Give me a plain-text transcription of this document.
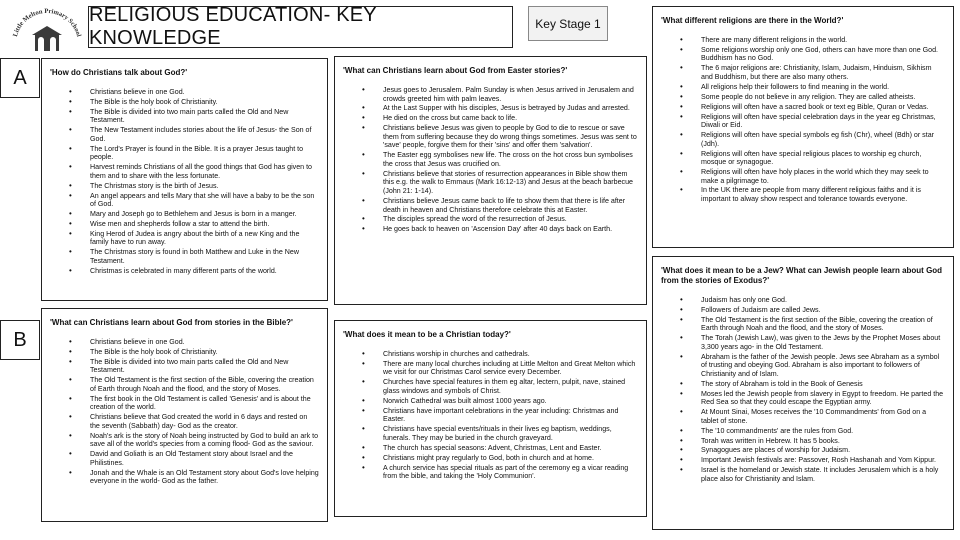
Little Melton Primary School
RELIGIOUS EDUCATION- KEY KNOWLEDGE
Key Stage 1
A
B
'How do Christians talk about God?'
• Christians believe in one God.
• The Bible is the holy book of Christianity.
• The Bible is divided into two main parts called the Old and New Testament.
• The New Testament includes stories about the life of Jesus- the Son of God.
• The Lord's Prayer is found in the Bible. It is a prayer Jesus taught to people.
• Harvest reminds Christians of all the good things that God has given to them and to share with the less fortunate.
• The Christmas story is the birth of Jesus.
• An angel appears and tells Mary that she will have a baby to be the son of God.
• Mary and Joseph go to Bethlehem and Jesus is born in a manger.
• Wise men and shepherds follow a star to attend the birth.
• King Herod of Judea is angry about the birth of a new King and the family have to run away.
• The Christmas story is found in both Matthew and Luke in the New Testament.
• Christmas is celebrated in many different parts of the world.
'What can Christians learn about God from stories in the Bible?'
• Christians believe in one God.
• The Bible is the holy book of Christianity.
• The Bible is divided into two main parts called the Old and New Testament.
• The Old Testament is the first section of the Bible, covering the creation of Earth through Noah and the flood, and the story of Moses.
• The first book in the Old Testament is called 'Genesis' and is about the creation of the world.
• Christians believe that God created the world in 6 days and rested on the seventh (Sabbath) day- God as the creator.
• Noah's ark is the story of Noah being instructed by God to build an ark to save all of the world's species from a coming flood- God as the saviour.
• David and Goliath is an Old Testament story about Israel and the Philistines.
• Jonah and the Whale is an Old Testament story about God's love helping everyone in the world- God as the father.
'What can Christians learn about God from Easter stories?'
• Jesus goes to Jerusalem. Palm Sunday is when Jesus arrived in Jerusalem and crowds greeted him with palm leaves.
• At the Last Supper with his disciples, Jesus is betrayed by Judas and arrested.
• He died on the cross but came back to life.
• Christians believe Jesus was given to people by God to die to rescue or save them from suffering because they do wrong things sometimes. Jesus was sent to 'save' people, forgive them for their 'sins' and offer them 'salvation'.
• The Easter egg symbolises new life. The cross on the hot cross bun symbolises the cross that Jesus was crucified on.
• Christians believe that stories of resurrection appearances in Bible show them this e.g. the walk to Emmaus (Mark 16:12-13) and Jesus at the beach barbecue (John 21: 1-14).
• Christians believe Jesus came back to life to show them that there is life after death in heaven and Christians therefore celebrate this at Easter.
• The disciples spread the word of the resurrection of Jesus.
• He goes back to heaven on 'Ascension Day' after 40 days back on Earth.
'What does it mean to be a Christian today?'
• Christians worship in churches and cathedrals.
• There are many local churches including at Little Melton and Great Melton which we visit for our Christmas Carol service every December.
• Churches have special features in them eg altar, lectern, pulpit, nave, stained glass windows and symbols of Christ.
• Norwich Cathedral was built almost 1000 years ago.
• Christians have important celebrations in the year including: Christmas and Easter.
• Christians have special events/rituals in their lives eg baptism, weddings, funerals. They may be buried in the church graveyard.
• The church has special seasons: Advent, Christmas, Lent and Easter.
• Christians might pray regularly to God, both in church and at home.
• A church service has special rituals as part of the ceremony eg a vicar reading from the bible, and taking the 'Holy Communion'.
'What different religions are there in the World?'
• There are many different religions in the world.
• Some religions worship only one God, others can have more than one God. Buddhism has no God.
• The 6 major religions are: Christianity, Islam, Judaism, Hinduism, Sikhism and Buddhism, but there are also many others.
• All religions help their followers to find meaning in the world.
• Some people do not believe in any religion. They are called atheists.
• Religions will often have a sacred book or text eg Bible, Quran or Vedas.
• Religions will often have special celebration days in the year eg Christmas, Diwali or Eid.
• Religions will often have special symbols eg fish (Chr), wheel (Bdh) or star (Jdh).
• Religions will often have special religious places to worship eg church, mosque or synagogue.
• Religions will often have holy places in the world which they may seek to make a pilgrimage to.
• In the UK there are people from many different religious faiths and it is important to alway show respect and tolerance towards everyone.
'What does it mean to be a Jew? What can Jewish people learn about God from the stories of Exodus?'
• Judaism has only one God.
• Followers of Judaism are called Jews.
• The Old Testament is the first section of the Bible, covering the creation of Earth through Noah and the flood, and the story of Moses.
• The Torah (Jewish Law), was given to the Jews by the Prophet Moses about 3,300 years ago- in the Old Testament.
• Abraham is the father of the Jewish people. Jews see Abraham as a symbol of trusting and obeying God. Abraham is also important to followers of Christianity and of Islam.
• The story of Abraham is told in the Book of Genesis
• Moses led the Jewish people from slavery in Egypt to freedom. He parted the Red Sea so that they could escape the Egyptian army.
• At Mount Sinai, Moses receives the '10 Commandments' from God on a tablet of stone.
• The '10 commandments' are the rules from God.
• Torah was written in Hebrew. It has 5 books.
• Synagogues are places of worship for Judaism.
• Important Jewish festivals are: Passover, Rosh Hashanah and Yom Kippur.
• Israel is the homeland or Jewish state. It includes Jerusalem which is a holy place also for Christianity and Islam.
